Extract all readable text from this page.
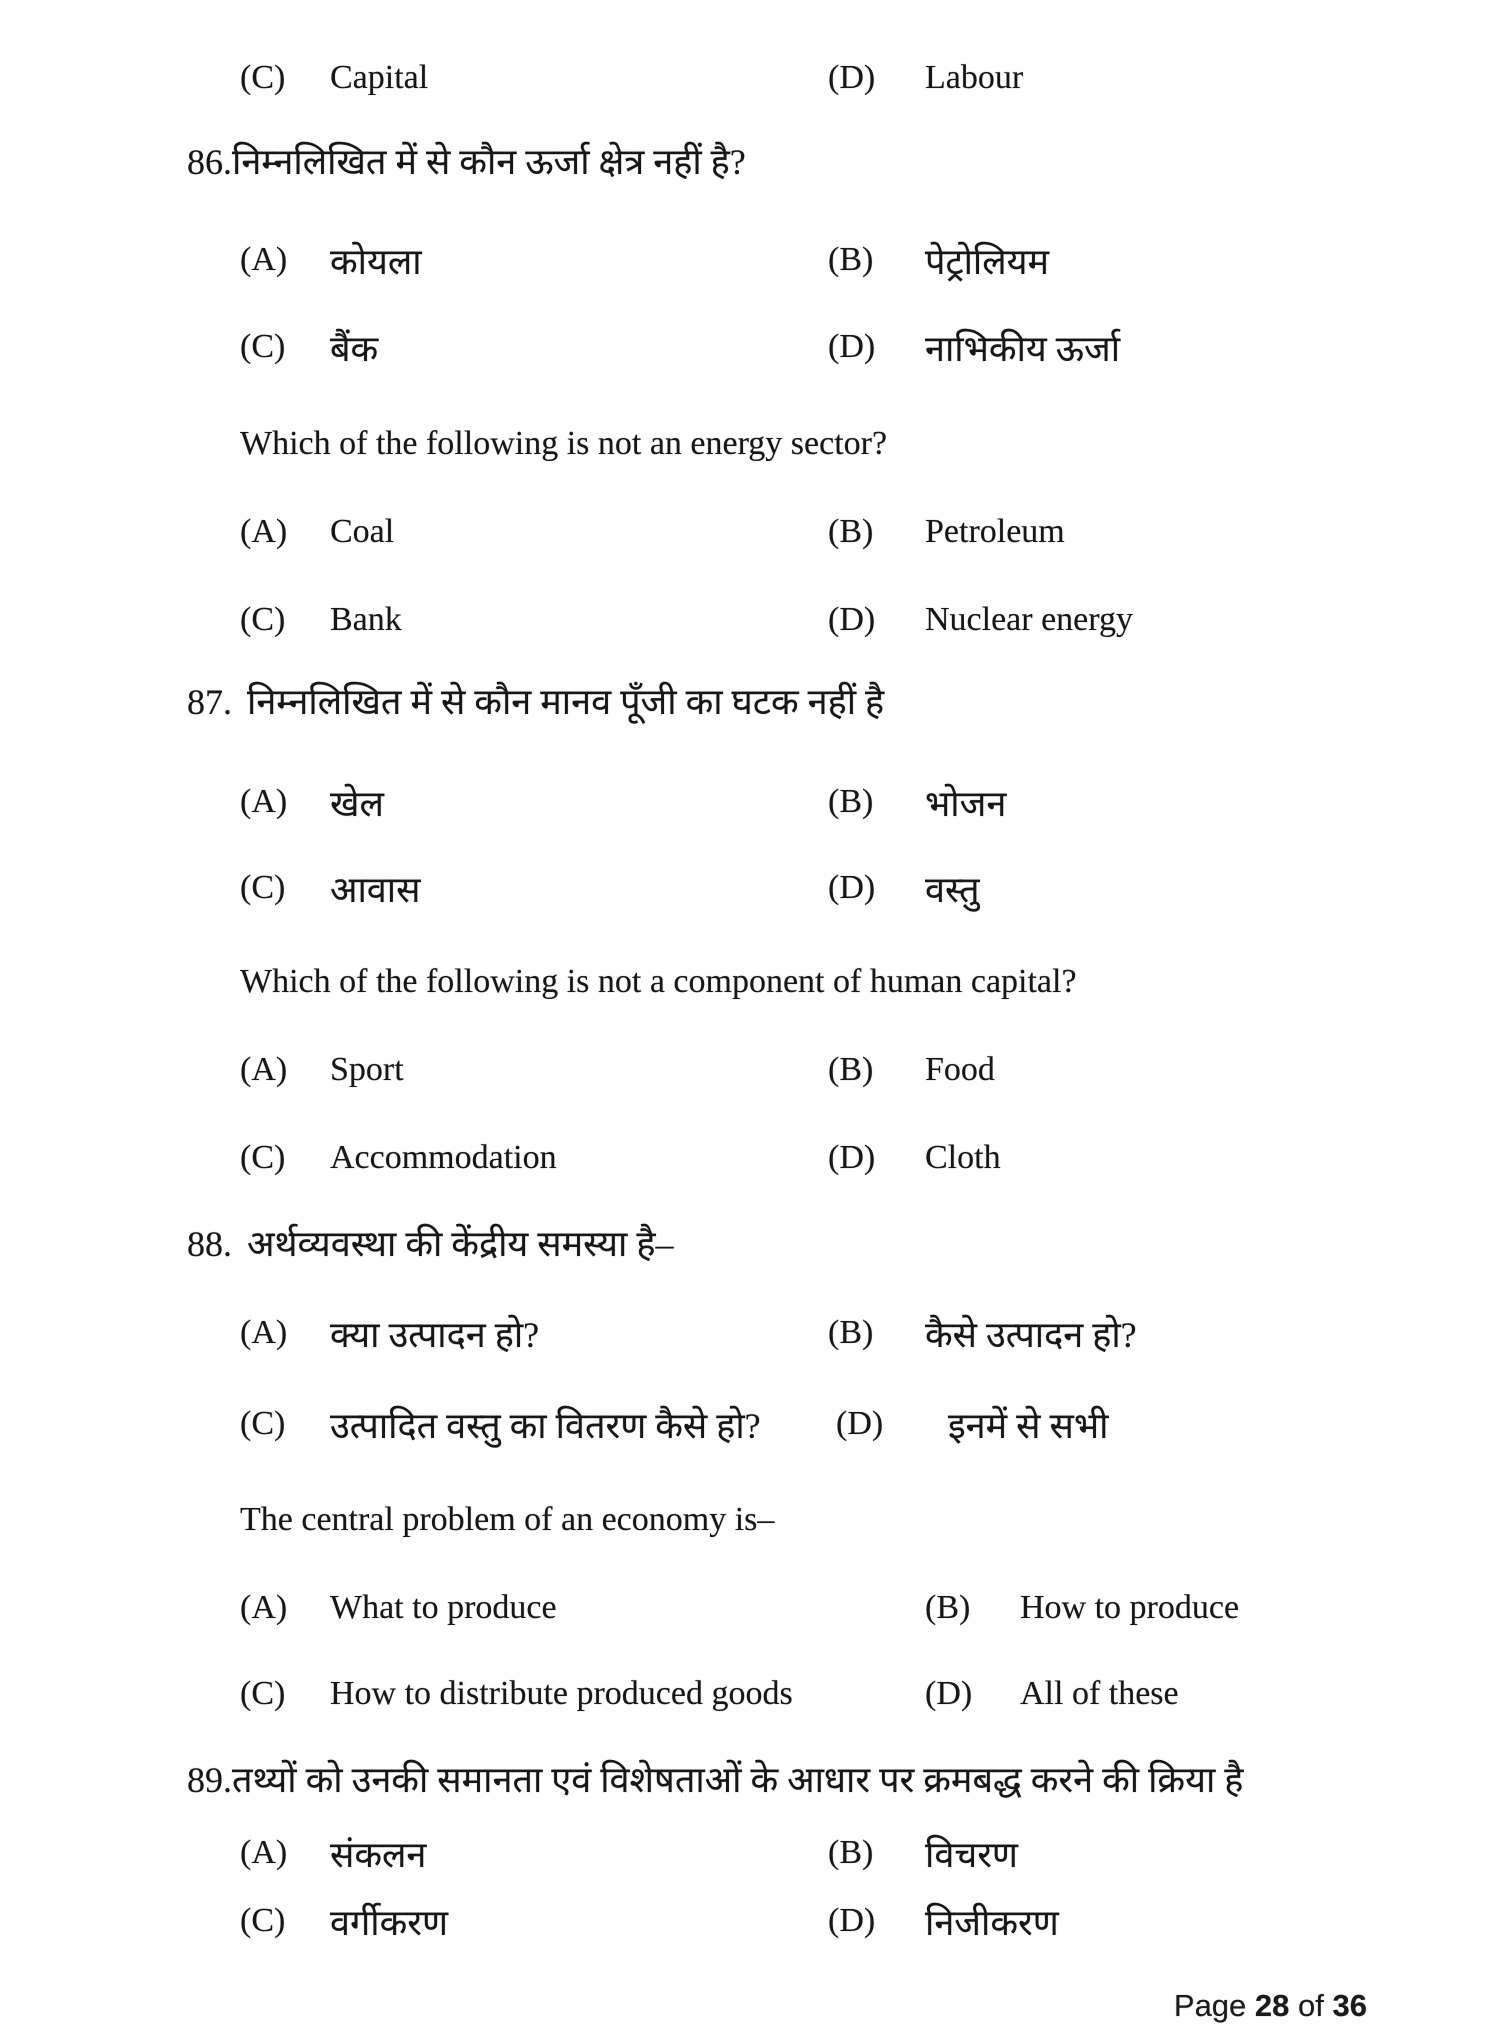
(C) Capital	(D) Labour
86.निम्नलिखित में से कौन ऊर्जा क्षेत्र नहीं है?
(A) कोयला	(B) पेट्रोलियम
(C) बैंक	(D) नाभिकीय ऊर्जा
Which of the following is not an energy sector?
(A) Coal	(B) Petroleum
(C) Bank	(D) Nuclear energy
87. निम्नलिखित में से कौन मानव पूँजी का घटक नहीं है
(A) खेल	(B) भोजन
(C) आवास	(D) वस्तु
Which of the following is not a component of human capital?
(A) Sport	(B) Food
(C) Accommodation	(D) Cloth
88. अर्थव्यवस्था की केंद्रीय समस्या है–
(A) क्या उत्पादन हो?	(B) कैसे उत्पादन हो?
(C) उत्पादित वस्तु का वितरण कैसे हो? (D) इनमें से सभी
The central problem of an economy is–
(A) What to produce	(B) How to produce
(C) How to distribute produced goods	(D) All of these
89.तथ्यों को उनकी समानता एवं विशेषताओं के आधार पर क्रमबद्ध करने की क्रिया है
(A) संकलन	(B) विचरण
(C) वर्गीकरण	(D) निजीकरण
Page 28 of 36
